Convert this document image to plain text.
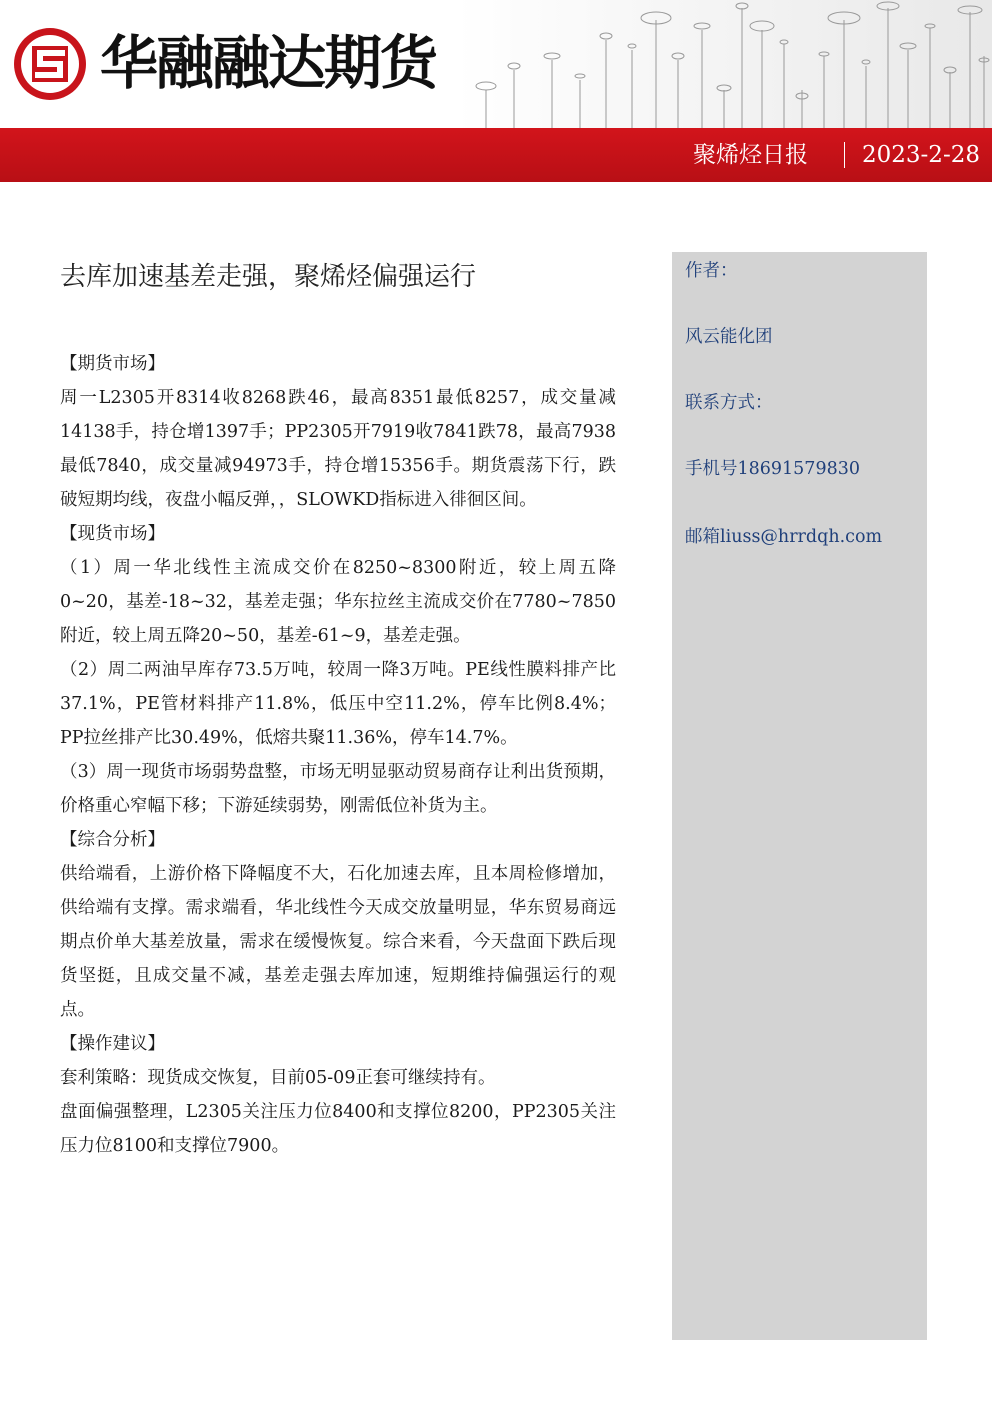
华融融达期货
聚烯烃日报 2023-2-28
去库加速基差走强，聚烯烃偏强运行
【期货市场】

周一L2305开8314收8268跌46，最高8351最低8257，成交量减14138手，持仓增1397手；PP2305开7919收7841跌78，最高7938最低7840，成交量减94973手，持仓增15356手。期货震荡下行，跌破短期均线，夜盘小幅反弹，，SLOWKD指标进入徘徊区间。

【现货市场】

（1）周一华北线性主流成交价在8250~8300附近，较上周五降0~20，基差-18~32，基差走强；华东拉丝主流成交价在7780~7850附近，较上周五降20~50，基差-61~9，基差走强。

（2）周二两油早库存73.5万吨，较周一降3万吨。PE线性膜料排产比37.1%，PE管材料排产11.8%，低压中空11.2%，停车比例8.4%；PP拉丝排产比30.49%，低熔共聚11.36%，停车14.7%。

（3）周一现货市场弱势盘整，市场无明显驱动贸易商存让利出货预期，价格重心窄幅下移；下游延续弱势，刚需低位补货为主。

【综合分析】

供给端看，上游价格下降幅度不大，石化加速去库，且本周检修增加，供给端有支撑。需求端看，华北线性今天成交放量明显，华东贸易商远期点价单大基差放量，需求在缓慢恢复。综合来看，今天盘面下跌后现货坚挺，且成交量不减，基差走强去库加速，短期维持偏强运行的观点。

【操作建议】

套利策略：现货成交恢复，目前05-09正套可继续持有。

盘面偏强整理，L2305关注压力位8400和支撑位8200，PP2305关注压力位8100和支撑位7900。

作者：
风云能化团
联系方式：
手机号18691579830
邮箱liuss@hrrdqh.com
